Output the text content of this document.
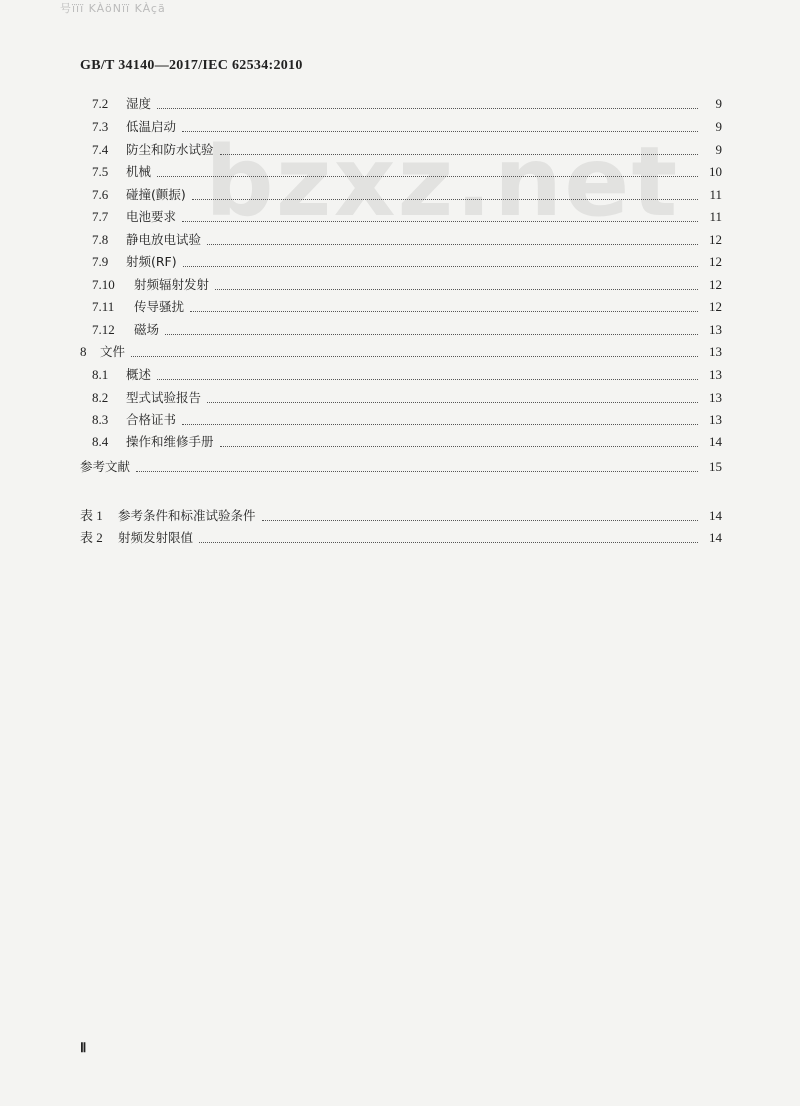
号ïïï KÀöNïï KÀçã
GB/T 34140—2017/IEC 62534:2010
bzxz.net
7.2	湿度	9
7.3	低温启动	9
7.4	防尘和防水试验	9
7.5	机械	10
7.6	碰撞(颤振)	11
7.7	电池要求	11
7.8	静电放电试验	12
7.9	射频(RF)	12
7.10	射频辐射发射	12
7.11	传导骚扰	12
7.12	磁场	13
8	文件	13
8.1	概述	13
8.2	型式试验报告	13
8.3	合格证书	13
8.4	操作和维修手册	14
参考文献	15
表 1	参考条件和标准试验条件	14
表 2	射频发射限值	14
Ⅱ
